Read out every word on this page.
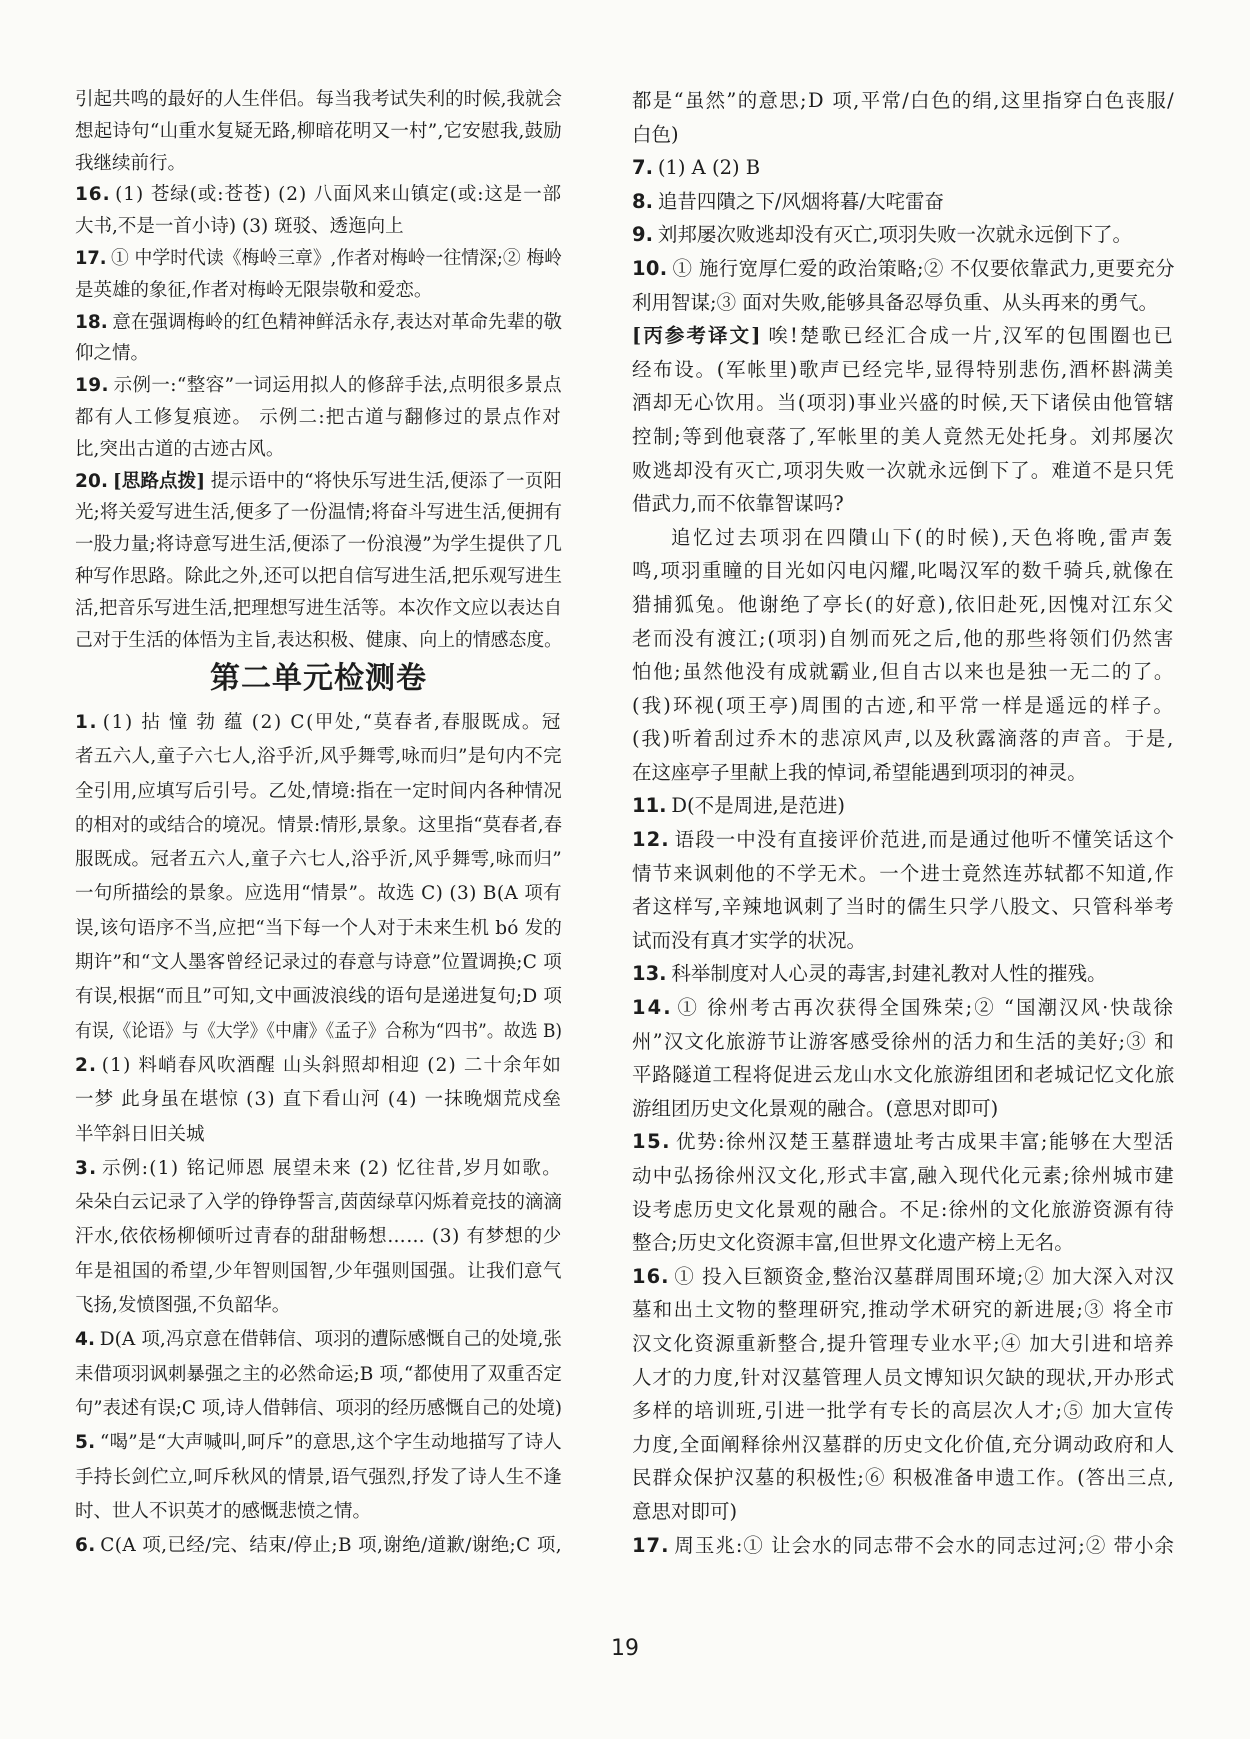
引起共鸣的最好的人生伴侣。每当我考试失利的时候,我就会
想起诗句“山重水复疑无路,柳暗花明又一村”,它安慰我,鼓励
我继续前行。
16. (1) 苍绿(或:苍苍) (2) 八面风来山镇定(或:这是一部
大书,不是一首小诗) (3) 斑驳、透迤向上
17. ① 中学时代读《梅岭三章》,作者对梅岭一往情深;② 梅岭
是英雄的象征,作者对梅岭无限崇敬和爱恋。
18. 意在强调梅岭的红色精神鲜活永存,表达对革命先辈的敬
仰之情。
19. 示例一:“整容”一词运用拟人的修辞手法,点明很多景点
都有人工修复痕迹。 示例二:把古道与翻修过的景点作对
比,突出古道的古迹古风。
20. [思路点拨] 提示语中的“将快乐写进生活,便添了一页阳
光;将关爱写进生活,便多了一份温情;将奋斗写进生活,便拥有
一股力量;将诗意写进生活,便添了一份浪漫”为学生提供了几
种写作思路。除此之外,还可以把自信写进生活,把乐观写进生
活,把音乐写进生活,把理想写进生活等。本次作文应以表达自
己对于生活的体悟为主旨,表达积极、健康、向上的情感态度。
第二单元检测卷
1. (1) 拈 憧 勃 蕴 (2) C(甲处,“莫春者,春服既成。冠
者五六人,童子六七人,浴乎沂,风乎舞雩,咏而归”是句内不完
全引用,应填写后引号。乙处,情境:指在一定时间内各种情况
的相对的或结合的境况。情景:情形,景象。这里指“莫春者,春
服既成。冠者五六人,童子六七人,浴乎沂,风乎舞雩,咏而归”
一句所描绘的景象。应选用“情景”。故选 C) (3) B(A 项有
误,该句语序不当,应把“当下每一个人对于未来生机 bó 发的
期许”和“文人墨客曾经记录过的春意与诗意”位置调换;C 项
有误,根据“而且”可知,文中画波浪线的语句是递进复句;D 项
有误,《论语》与《大学》《中庸》《孟子》合称为“四书”。故选 B)
2. (1) 料峭春风吹酒醒 山头斜照却相迎 (2) 二十余年如
一梦 此身虽在堪惊 (3) 直下看山河 (4) 一抹晚烟荒戍垒
半竿斜日旧关城
3. 示例:(1) 铭记师恩 展望未来 (2) 忆往昔,岁月如歌。
朵朵白云记录了入学的铮铮誓言,茵茵绿草闪烁着竞技的滴滴
汗水,依依杨柳倾听过青春的甜甜畅想…… (3) 有梦想的少
年是祖国的希望,少年智则国智,少年强则国强。让我们意气
飞扬,发愤图强,不负韶华。
4. D(A 项,冯京意在借韩信、项羽的遭际感慨自己的处境,张
耒借项羽讽刺暴强之主的必然命运;B 项,“都使用了双重否定
句”表述有误;C 项,诗人借韩信、项羽的经历感慨自己的处境)
5. “喝”是“大声喊叫,呵斥”的意思,这个字生动地描写了诗人
手持长剑伫立,呵斥秋风的情景,语气强烈,抒发了诗人生不逢
时、世人不识英才的感慨悲愤之情。
6. C(A 项,已经/完、结束/停止;B 项,谢绝/道歉/谢绝;C 项,
都是“虽然”的意思;D 项,平常/白色的绢,这里指穿白色丧服/
白色)
7. (1) A (2) B
8. 追昔四隤之下/风烟将暮/大咤雷奋
9. 刘邦屡次败逃却没有灭亡,项羽失败一次就永远倒下了。
10. ① 施行宽厚仁爱的政治策略;② 不仅要依靠武力,更要充分
利用智谋;③ 面对失败,能够具备忍辱负重、从头再来的勇气。
[丙参考译文] 唉!楚歌已经汇合成一片,汉军的包围圈也已
经布设。(军帐里)歌声已经完毕,显得特别悲伤,酒杯斟满美
酒却无心饮用。当(项羽)事业兴盛的时候,天下诸侯由他管辖
控制;等到他衰落了,军帐里的美人竟然无处托身。刘邦屡次
败逃却没有灭亡,项羽失败一次就永远倒下了。难道不是只凭
借武力,而不依靠智谋吗?
追忆过去项羽在四隤山下(的时候),天色将晚,雷声轰
鸣,项羽重瞳的目光如闪电闪耀,叱喝汉军的数千骑兵,就像在
猎捕狐兔。他谢绝了亭长(的好意),依旧赴死,因愧对江东父
老而没有渡江;(项羽)自刎而死之后,他的那些将领们仍然害
怕他;虽然他没有成就霸业,但自古以来也是独一无二的了。
(我)环视(项王亭)周围的古迹,和平常一样是遥远的样子。
(我)听着刮过乔木的悲凉风声,以及秋露滴落的声音。于是,
在这座亭子里献上我的悼词,希望能遇到项羽的神灵。
11. D(不是周进,是范进)
12. 语段一中没有直接评价范进,而是通过他听不懂笑话这个
情节来讽刺他的不学无术。一个进士竟然连苏轼都不知道,作
者这样写,辛辣地讽刺了当时的儒生只学八股文、只管科举考
试而没有真才实学的状况。
13. 科举制度对人心灵的毒害,封建礼教对人性的摧残。
14. ① 徐州考古再次获得全国殊荣;② “国潮汉风·快哉徐
州”汉文化旅游节让游客感受徐州的活力和生活的美好;③ 和
平路隧道工程将促进云龙山水文化旅游组团和老城记忆文化旅
游组团历史文化景观的融合。(意思对即可)
15. 优势:徐州汉楚王墓群遗址考古成果丰富;能够在大型活
动中弘扬徐州汉文化,形式丰富,融入现代化元素;徐州城市建
设考虑历史文化景观的融合。不足:徐州的文化旅游资源有待
整合;历史文化资源丰富,但世界文化遗产榜上无名。
16. ① 投入巨额资金,整治汉墓群周围环境;② 加大深入对汉
墓和出土文物的整理研究,推动学术研究的新进展;③ 将全市
汉文化资源重新整合,提升管理专业水平;④ 加大引进和培养
人才的力度,针对汉墓管理人员文博知识欠缺的现状,开办形式
多样的培训班,引进一批学有专长的高层次人才;⑤ 加大宣传
力度,全面阐释徐州汉墓群的历史文化价值,充分调动政府和人
民群众保护汉墓的积极性;⑥ 积极准备申遗工作。(答出三点,
意思对即可)
17. 周玉兆:① 让会水的同志带不会水的同志过河;② 带小余
19
